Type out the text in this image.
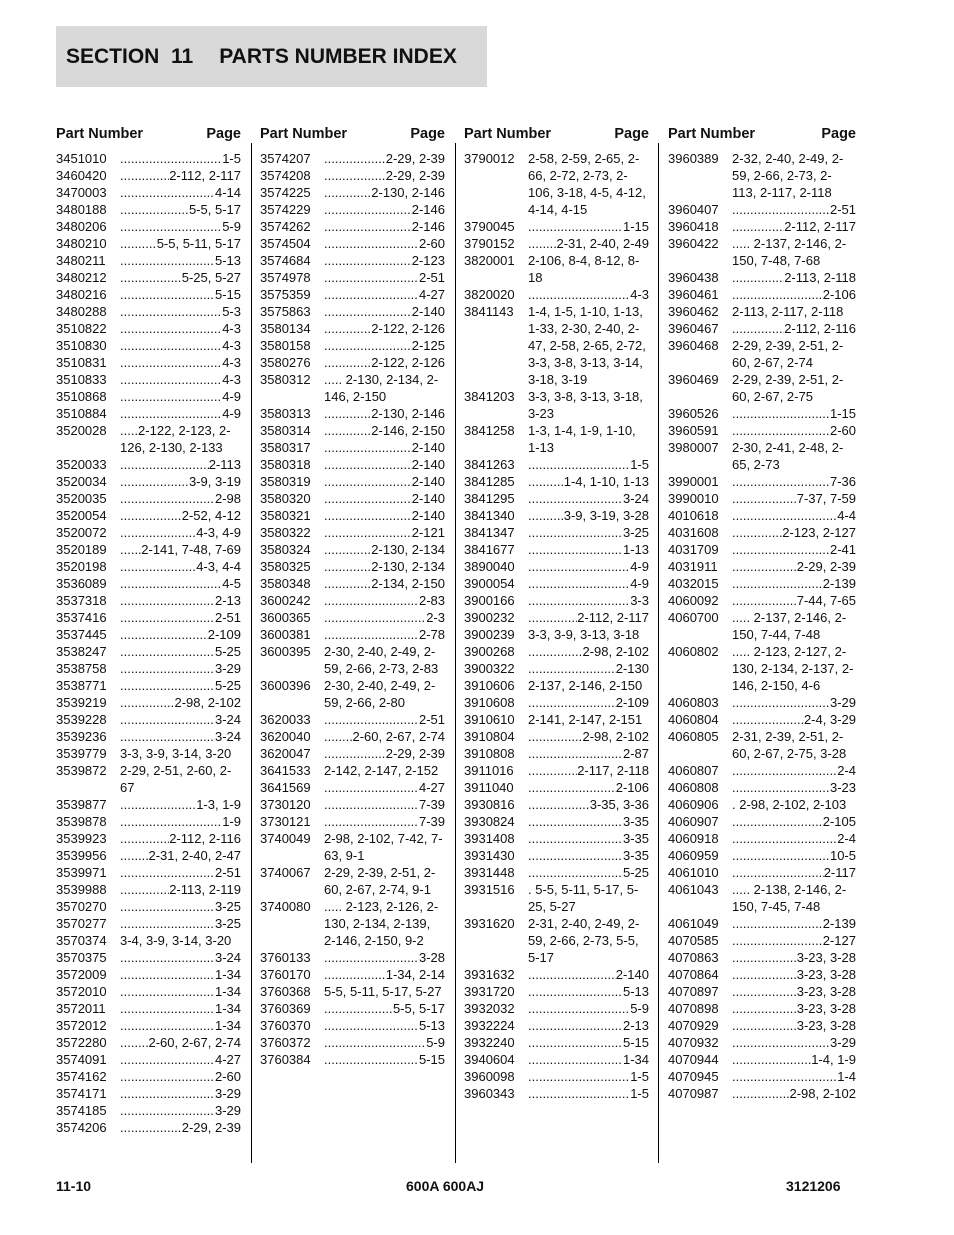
SECTION  11 PARTS NUMBER INDEX
Part Number	Page
3451010 .....	1-5
3460420 .....	2-112, 2-117
3470003 .....	4-14
3480188 .....	5-5, 5-17
3480206 .....	5-9
3480210 .....	5-5, 5-11, 5-17
3480211 .....	5-13
3480212 .....	5-25, 5-27
3480216 .....	5-15
3480288 .....	5-3
3510822 .....	4-3
3510830 .....	4-3
3510831 .....	4-3
3510833 .....	4-3
3510868 .....	4-9
3510884 .....	4-9
3520028	.....2-122, 2-123, 2-126, 2-130, 2-133
3520033 .....	2-113
3520034 .....	3-9, 3-19
3520035 .....	2-98
3520054 .....	2-52, 4-12
3520072 .....	4-3, 4-9
3520189 .....	2-141, 7-48, 7-69
3520198 .....	4-3, 4-4
3536089 .....	4-5
3537318 .....	2-13
3537416 .....	2-51
3537445 .....	2-109
3538247 .....	5-25
3538758 .....	3-29
3538771 .....	5-25
3539219 .....	2-98, 2-102
3539228 .....	3-24
3539236 .....	3-24
3539779	3-3, 3-9, 3-14, 3-20
3539872	2-29, 2-51, 2-60, 2-67
3539877 .....	1-3, 1-9
3539878 .....	1-9
3539923 .....	2-112, 2-116
3539956 .....	2-31, 2-40, 2-47
3539971 .....	2-51
3539988 .....	2-113, 2-119
3570270 .....	3-25
3570277 .....	3-25
3570374	3-4, 3-9, 3-14, 3-20
3570375 .....	3-24
3572009 .....	1-34
3572010 .....	1-34
3572011 .....	1-34
3572012 .....	1-34
3572280 .....	2-60, 2-67, 2-74
3574091 .....	4-27
3574162 .....	2-60
3574171 .....	3-29
3574185 .....	3-29
3574206 .....	2-29, 2-39
Part Number	Page
3574207 .....	2-29, 2-39
3574208 .....	2-29, 2-39
3574225 .....	2-130, 2-146
3574229 .....	2-146
3574262 .....	2-146
3574504 .....	2-60
3574684 .....	2-123
3574978 .....	2-51
3575359 .....	4-27
3575863 .....	2-140
3580134 .....	2-122, 2-126
3580158 .....	2-125
3580276 .....	2-122, 2-126
3580312	..... 2-130, 2-134, 2-146, 2-150
3580313 .....	2-130, 2-146
3580314 .....	2-146, 2-150
3580317 .....	2-140
3580318 .....	2-140
3580319 .....	2-140
3580320 .....	2-140
3580321 .....	2-140
3580322 .....	2-121
3580324 .....	2-130, 2-134
3580325 .....	2-130, 2-134
3580348 .....	2-134, 2-150
3600242 .....	2-83
3600365 .....	2-3
3600381 .....	2-78
3600395	2-30, 2-40, 2-49, 2-59, 2-66, 2-73, 2-83
3600396	2-30, 2-40, 2-49, 2-59, 2-66, 2-80
3620033 .....	2-51
3620040 .....	2-60, 2-67, 2-74
3620047 .....	2-29, 2-39
3641533	2-142, 2-147, 2-152
3641569 .....	4-27
3730120 .....	7-39
3730121 .....	7-39
3740049	2-98, 2-102, 7-42, 7-63, 9-1
3740067	2-29, 2-39, 2-51, 2-60, 2-67, 2-74, 9-1
3740080	..... 2-123, 2-126, 2-130, 2-134, 2-139, 2-146, 2-150, 9-2
3760133 .....	3-28
3760170 .....	1-34, 2-14
3760368	5-5, 5-11, 5-17, 5-27
3760369 .....	5-5, 5-17
3760370 .....	5-13
3760372 .....	5-9
3760384 .....	5-15
Part Number	Page
3790012	2-58, 2-59, 2-65, 2-66, 2-72, 2-73, 2-106, 3-18, 4-5, 4-12, 4-14, 4-15
3790045 .....	1-15
3790152 .....	2-31, 2-40, 2-49
3820001	2-106, 8-4, 8-12, 8-18
3820020 .....	4-3
3841143	1-4, 1-5, 1-10, 1-13, 1-33, 2-30, 2-40, 2-47, 2-58, 2-65, 2-72, 3-3, 3-8, 3-13, 3-14, 3-18, 3-19
3841203	3-3, 3-8, 3-13, 3-18, 3-23
3841258	1-3, 1-4, 1-9, 1-10, 1-13
3841263 .....	1-5
3841285 .....	1-4, 1-10, 1-13
3841295 .....	3-24
3841340 .....	3-9, 3-19, 3-28
3841347 .....	3-25
3841677 .....	1-13
3890040 .....	4-9
3900054 .....	4-9
3900166 .....	3-3
3900232 .....	2-112, 2-117
3900239	3-3, 3-9, 3-13, 3-18
3900268 .....	2-98, 2-102
3900322 .....	2-130
3910606	2-137, 2-146, 2-150
3910608 .....	2-109
3910610	2-141, 2-147, 2-151
3910804 .....	2-98, 2-102
3910808 .....	2-87
3911016 .....	2-117, 2-118
3911040 .....	2-106
3930816 .....	3-35, 3-36
3930824 .....	3-35
3931408 .....	3-35
3931430 .....	3-35
3931448 .....	5-25
3931516	. 5-5, 5-11, 5-17, 5-25, 5-27
3931620	2-31, 2-40, 2-49, 2-59, 2-66, 2-73, 5-5, 5-17
3931632 .....	2-140
3931720 .....	5-13
3932032 .....	5-9
3932224 .....	2-13
3932240 .....	5-15
3940604 .....	1-34
3960098 .....	1-5
3960343 .....	1-5
Part Number	Page
3960389	2-32, 2-40, 2-49, 2-59, 2-66, 2-73, 2-113, 2-117, 2-118
3960407 .....	2-51
3960418 .....	2-112, 2-117
3960422	..... 2-137, 2-146, 2-150, 7-48, 7-68
3960438 .....	2-113, 2-118
3960461 .....	2-106
3960462	2-113, 2-117, 2-118
3960467 .....	2-112, 2-116
3960468	2-29, 2-39, 2-51, 2-60, 2-67, 2-74
3960469	2-29, 2-39, 2-51, 2-60, 2-67, 2-75
3960526 .....	1-15
3960591 .....	2-60
3980007	2-30, 2-41, 2-48, 2-65, 2-73
3990001 .....	7-36
3990010 .....	7-37, 7-59
4010618 .....	4-4
4031608 .....	2-123, 2-127
4031709 .....	2-41
4031911 .....	2-29, 2-39
4032015 .....	2-139
4060092 .....	7-44, 7-65
4060700	..... 2-137, 2-146, 2-150, 7-44, 7-48
4060802	..... 2-123, 2-127, 2-130, 2-134, 2-137, 2-146, 2-150, 4-6
4060803 .....	3-29
4060804 .....	2-4, 3-29
4060805	2-31, 2-39, 2-51, 2-60, 2-67, 2-75, 3-28
4060807 .....	2-4
4060808 .....	3-23
4060906	. 2-98, 2-102, 2-103
4060907 .....	2-105
4060918 .....	2-4
4060959 .....	10-5
4061010 .....	2-117
4061043	..... 2-138, 2-146, 2-150, 7-45, 7-48
4061049 .....	2-139
4070585 .....	2-127
4070863 .....	3-23, 3-28
4070864 .....	3-23, 3-28
4070897 .....	3-23, 3-28
4070898 .....	3-23, 3-28
4070929 .....	3-23, 3-28
4070932 .....	3-29
4070944 .....	1-4, 1-9
4070945 .....	1-4
4070987 .....	2-98, 2-102
11-10	600A 600AJ	3121206
